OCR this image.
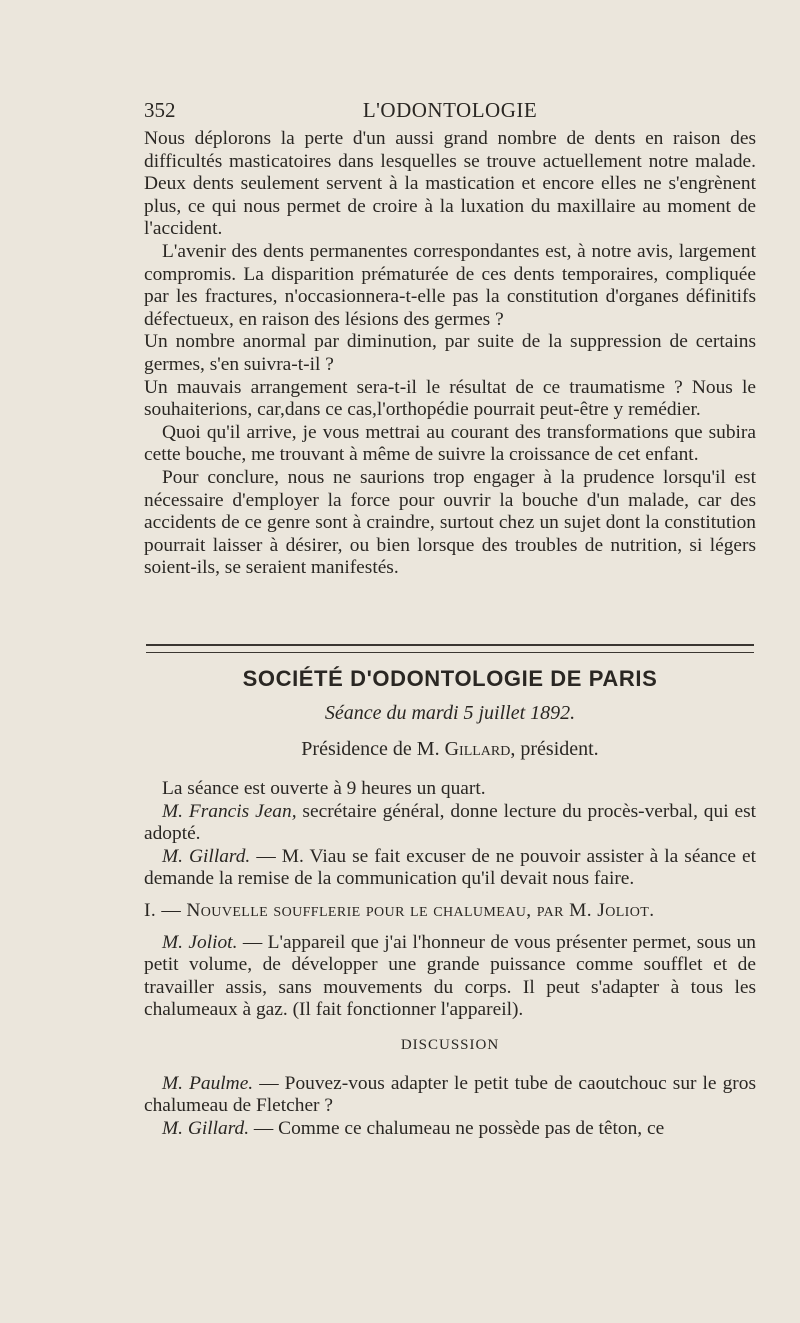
352	L'ODONTOLOGIE

Nous déplorons la perte d'un aussi grand nombre de dents en raison des difficultés masticatoires dans lesquelles se trouve actuellement notre malade. Deux dents seulement servent à la mastication et encore elles ne s'engrènent plus, ce qui nous permet de croire à la luxation du maxillaire au moment de l'accident.

L'avenir des dents permanentes correspondantes est, à notre avis, largement compromis. La disparition prématurée de ces dents temporaires, compliquée par les fractures, n'occasionnera-t-elle pas la constitution d'organes définitifs défectueux, en raison des lésions des germes ?

Un nombre anormal par diminution, par suite de la suppression de certains germes, s'en suivra-t-il ?

Un mauvais arrangement sera-t-il le résultat de ce traumatisme ? Nous le souhaiterions, car,dans ce cas,l'orthopédie pourrait peut-être y remédier.

Quoi qu'il arrive, je vous mettrai au courant des transformations que subira cette bouche, me trouvant à même de suivre la croissance de cet enfant.

Pour conclure, nous ne saurions trop engager à la prudence lorsqu'il est nécessaire d'employer la force pour ouvrir la bouche d'un malade, car des accidents de ce genre sont à craindre, surtout chez un sujet dont la constitution pourrait laisser à désirer, ou bien lorsque des troubles de nutrition, si légers soient-ils, se seraient manifestés.

SOCIÉTÉ D'ODONTOLOGIE DE PARIS

Séance du mardi 5 juillet 1892.

Présidence de M. Gillard, président.

La séance est ouverte à 9 heures un quart.

M. Francis Jean, secrétaire général, donne lecture du procès-verbal, qui est adopté.

M. Gillard. — M. Viau se fait excuser de ne pouvoir assister à la séance et demande la remise de la communication qu'il devait nous faire.

I. — Nouvelle soufflerie pour le chalumeau, par M. Joliot.

M. Joliot. — L'appareil que j'ai l'honneur de vous présenter permet, sous un petit volume, de développer une grande puissance comme soufflet et de travailler assis, sans mouvements du corps. Il peut s'adapter à tous les chalumeaux à gaz. (Il fait fonctionner l'appareil).

DISCUSSION

M. Paulme. — Pouvez-vous adapter le petit tube de caoutchouc sur le gros chalumeau de Fletcher ?

M. Gillard. — Comme ce chalumeau ne possède pas de têton, ce
